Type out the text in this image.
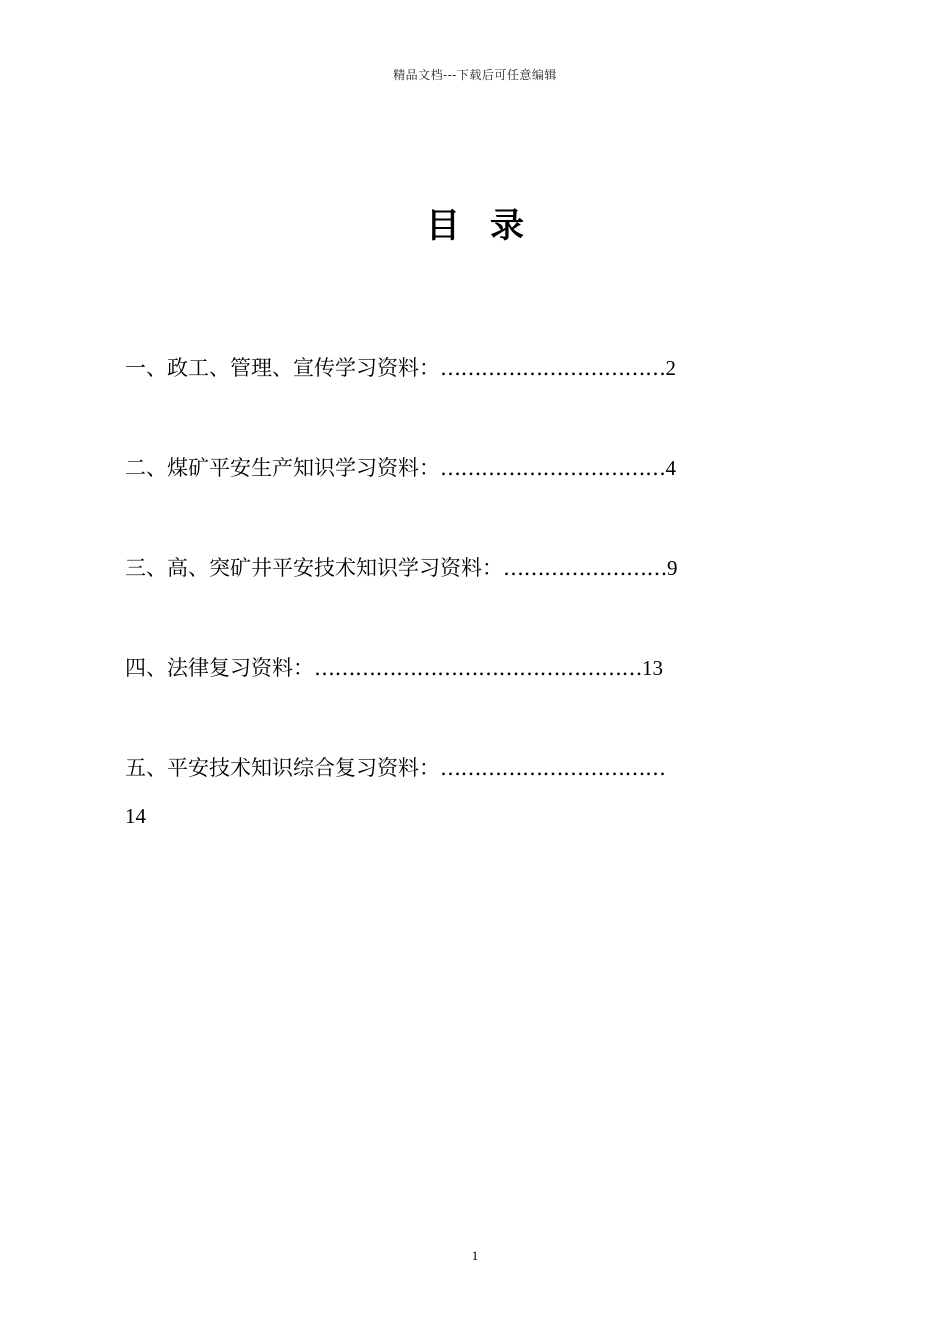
精品文档---下载后可任意编辑
目录
一、政工、管理、宣传学习资料：……………………………2
二、煤矿平安生产知识学习资料：……………………………4
三、高、突矿井平安技术知识学习资料：……………………9
四、法律复习资料：…………………………………………13
五、平安技术知识综合复习资料：……………………………
14
1
